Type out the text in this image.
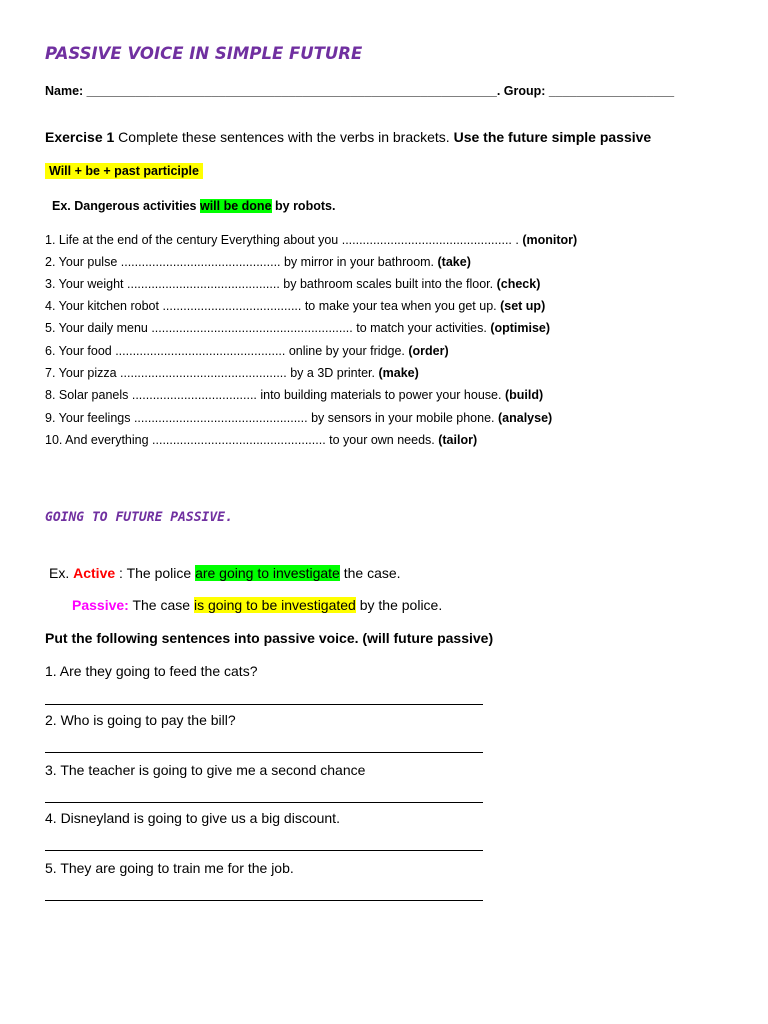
PASSIVE VOICE IN SIMPLE FUTURE
Name: ___________________________________________________________. Group: __________________
Exercise 1 Complete these sentences with the verbs in brackets. Use the future simple passive
Will + be + past participle
Ex. Dangerous activities will be done by robots.
1. Life at the end of the century Everything about you ................................................. . (monitor)
2. Your pulse .............................................. by mirror in your bathroom. (take)
3. Your weight ............................................ by bathroom scales built into the floor. (check)
4. Your kitchen robot ........................................ to make your tea when you get up. (set up)
5. Your daily menu .......................................................... to match your activities. (optimise)
6. Your food ................................................. online by your fridge. (order)
7. Your pizza ................................................ by a 3D printer. (make)
8. Solar panels .................................... into building materials to power your house. (build)
9. Your feelings .................................................. by sensors in your mobile phone. (analyse)
10. And everything .................................................. to your own needs. (tailor)
GOING TO FUTURE PASSIVE.
Ex. Active : The police are going to investigate the case.
Passive: The case is going to be investigated by the police.
Put the following sentences into passive voice. (will future passive)
1. Are they going to feed the cats?
2. Who is going to pay the bill?
3. The teacher is going to give me a second chance
4. Disneyland is going to give us a big discount.
5. They are going to train me for the job.
